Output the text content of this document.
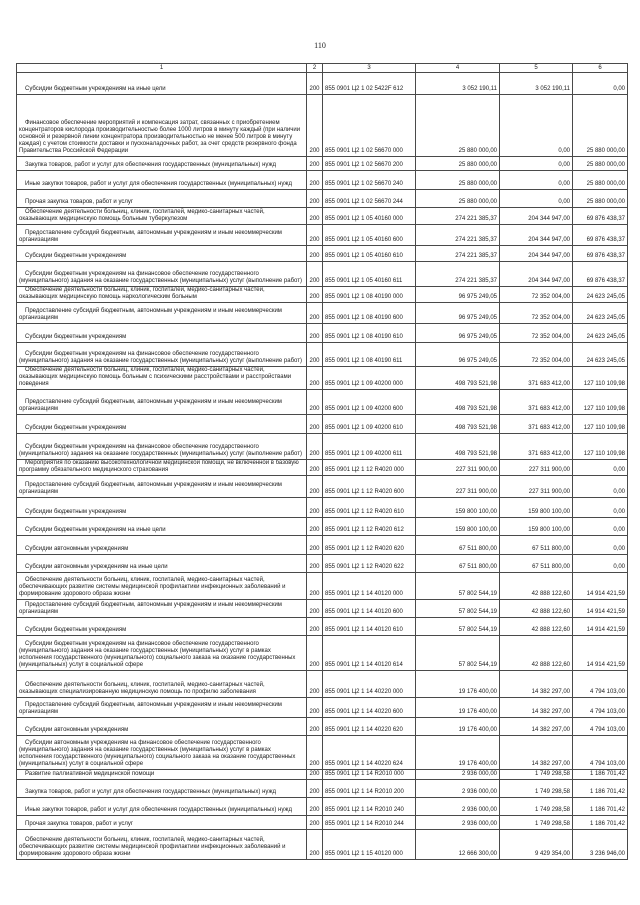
110
1	2	3	4	5	6
Субсидии бюджетным учреждениям на иные цели	200	855 0901 Ц2 1 02 5422F 612	3 052 190,11	3 052 190,11	0,00
Финансовое обеспечение мероприятий и компенсация затрат, связанных с приобретением концентраторов кислорода производительностью более 1000 литров в минуту каждый (при наличии основной и резервной линии концентратора производительностью не менее 500 литров в минуту каждая) с учетом стоимости доставки и пусконаладочных работ, за счет средств резервного фонда Правительства Российской Федерации	200	855 0901 Ц2 1 02 56670 000	25 880 000,00	0,00	25 880 000,00
Закупка товаров, работ и услуг для обеспечения государственных (муниципальных) нужд	200	855 0901 Ц2 1 02 56670 200	25 880 000,00	0,00	25 880 000,00
Иные закупки товаров, работ и услуг для обеспечения государственных (муниципальных) нужд	200	855 0901 Ц2 1 02 56670 240	25 880 000,00	0,00	25 880 000,00
Прочая закупка товаров, работ и услуг	200	855 0901 Ц2 1 02 56670 244	25 880 000,00	0,00	25 880 000,00
Обеспечение деятельности больниц, клиник, госпиталей, медико-санитарных частей, оказывающих медицинскую помощь больным туберкулезом	200	855 0901 Ц2 1 05 40160 000	274 221 385,37	204 344 947,00	69 876 438,37
Предоставление субсидий бюджетным, автономным учреждениям и иным некоммерческим организациям	200	855 0901 Ц2 1 05 40160 600	274 221 385,37	204 344 947,00	69 876 438,37
Субсидии бюджетным учреждениям	200	855 0901 Ц2 1 05 40160 610	274 221 385,37	204 344 947,00	69 876 438,37
Субсидии бюджетным учреждениям на финансовое обеспечение государственного (муниципального) задания на оказание государственных (муниципальных) услуг (выполнение работ)	200	855 0901 Ц2 1 05 40160 611	274 221 385,37	204 344 947,00	69 876 438,37
Обеспечение деятельности больниц, клиник, госпиталей, медико-санитарных частей, оказывающих медицинскую помощь наркологическим больным	200	855 0901 Ц2 1 08 40190 000	96 975 249,05	72 352 004,00	24 623 245,05
Предоставление субсидий бюджетным, автономным учреждениям и иным некоммерческим организациям	200	855 0901 Ц2 1 08 40190 600	96 975 249,05	72 352 004,00	24 623 245,05
Субсидии бюджетным учреждениям	200	855 0901 Ц2 1 08 40190 610	96 975 249,05	72 352 004,00	24 623 245,05
Субсидии бюджетным учреждениям на финансовое обеспечение государственного (муниципального) задания на оказание государственных (муниципальных) услуг (выполнение работ)	200	855 0901 Ц2 1 08 40190 611	96 975 249,05	72 352 004,00	24 623 245,05
Обеспечение деятельности больниц, клиник, госпиталей, медико-санитарных частей, оказывающих медицинскую помощь больным с психическими расстройствами и расстройствами поведения	200	855 0901 Ц2 1 09 40200 000	498 793 521,98	371 683 412,00	127 110 109,98
Предоставление субсидий бюджетным, автономным учреждениям и иным некоммерческим организациям	200	855 0901 Ц2 1 09 40200 600	498 793 521,98	371 683 412,00	127 110 109,98
Субсидии бюджетным учреждениям	200	855 0901 Ц2 1 09 40200 610	498 793 521,98	371 683 412,00	127 110 109,98
Субсидии бюджетным учреждениям на финансовое обеспечение государственного (муниципального) задания на оказание государственных (муниципальных) услуг (выполнение работ)	200	855 0901 Ц2 1 09 40200 611	498 793 521,98	371 683 412,00	127 110 109,98
Мероприятия по оказанию высокотехнологичной медицинской помощи, не включенной в базовую программу обязательного медицинского страхования	200	855 0901 Ц2 1 12 R4020 000	227 311 900,00	227 311 900,00	0,00
Предоставление субсидий бюджетным, автономным учреждениям и иным некоммерческим организациям	200	855 0901 Ц2 1 12 R4020 600	227 311 900,00	227 311 900,00	0,00
Субсидии бюджетным учреждениям	200	855 0901 Ц2 1 12 R4020 610	159 800 100,00	159 800 100,00	0,00
Субсидии бюджетным учреждениям на иные цели	200	855 0901 Ц2 1 12 R4020 612	159 800 100,00	159 800 100,00	0,00
Субсидии автономным учреждениям	200	855 0901 Ц2 1 12 R4020 620	67 511 800,00	67 511 800,00	0,00
Субсидии автономным учреждениям на иные цели	200	855 0901 Ц2 1 12 R4020 622	67 511 800,00	67 511 800,00	0,00
Обеспечение деятельности больниц, клиник, госпиталей, медико-санитарных частей, обеспечивающих развитие системы медицинской профилактики инфекционных заболеваний и формирование здорового образа жизни	200	855 0901 Ц2 1 14 40120 000	57 802 544,19	42 888 122,60	14 914 421,59
Предоставление субсидий бюджетным, автономным учреждениям и иным некоммерческим организациям	200	855 0901 Ц2 1 14 40120 600	57 802 544,19	42 888 122,60	14 914 421,59
Субсидии бюджетным учреждениям	200	855 0901 Ц2 1 14 40120 610	57 802 544,19	42 888 122,60	14 914 421,59
Субсидии бюджетным учреждениям на финансовое обеспечение государственного (муниципального) задания на оказание государственных (муниципальных) услуг в рамках исполнения государственного (муниципального) социального заказа на оказание государственных (муниципальных) услуг в социальной сфере	200	855 0901 Ц2 1 14 40120 614	57 802 544,19	42 888 122,60	14 914 421,59
Обеспечение деятельности больниц, клиник, госпиталей, медико-санитарных частей, оказывающих специализированную медицинскую помощь по профилю заболевания	200	855 0901 Ц2 1 14 40220 000	19 176 400,00	14 382 297,00	4 794 103,00
Предоставление субсидий бюджетным, автономным учреждениям и иным некоммерческим организациям	200	855 0901 Ц2 1 14 40220 600	19 176 400,00	14 382 297,00	4 794 103,00
Субсидии автономным учреждениям	200	855 0901 Ц2 1 14 40220 620	19 176 400,00	14 382 297,00	4 794 103,00
Субсидии автономным учреждениям на финансовое обеспечение государственного (муниципального) задания на оказание государственных (муниципальных) услуг в рамках исполнения государственного (муниципального) социального заказа на оказание государственных (муниципальных) услуг в социальной сфере	200	855 0901 Ц2 1 14 40220 624	19 176 400,00	14 382 297,00	4 794 103,00
Развитие паллиативной медицинской помощи	200	855 0901 Ц2 1 14 R2010 000	2 936 000,00	1 749 298,58	1 186 701,42
Закупка товаров, работ и услуг для обеспечения государственных (муниципальных) нужд	200	855 0901 Ц2 1 14 R2010 200	2 936 000,00	1 749 298,58	1 186 701,42
Иные закупки товаров, работ и услуг для обеспечения государственных (муниципальных) нужд	200	855 0901 Ц2 1 14 R2010 240	2 936 000,00	1 749 298,58	1 186 701,42
Прочая закупка товаров, работ и услуг	200	855 0901 Ц2 1 14 R2010 244	2 936 000,00	1 749 298,58	1 186 701,42
Обеспечение деятельности больниц, клиник, госпиталей, медико-санитарных частей, обеспечивающих развитие системы медицинской профилактики инфекционных заболеваний и формирование здорового образа жизни	200	855 0901 Ц2 1 15 40120 000	12 666 300,00	9 429 354,00	3 236 946,00
